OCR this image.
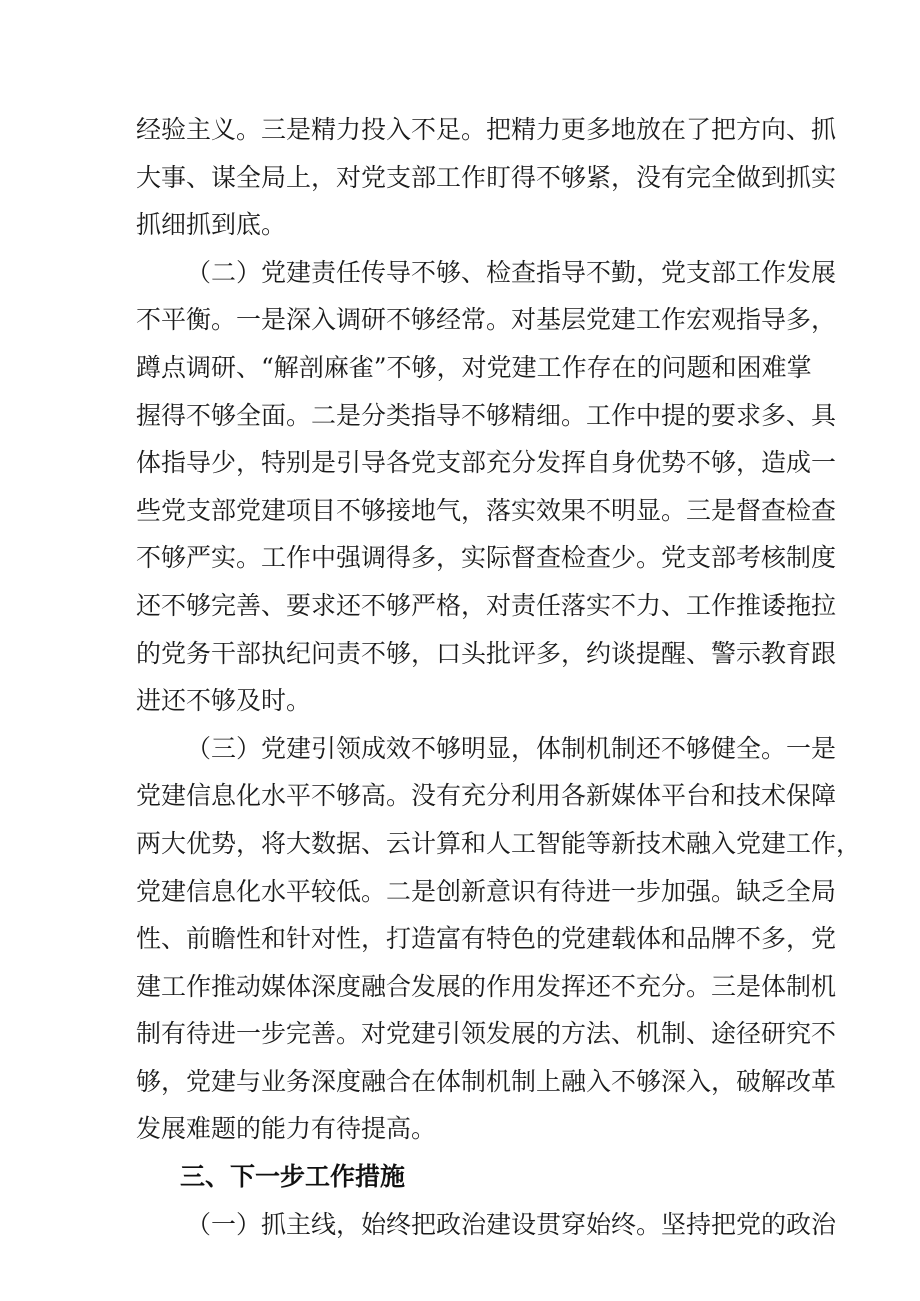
经验主义。三是精力投入不足。把精力更多地放在了把方向、抓
大事、谋全局上，对党支部工作盯得不够紧，没有完全做到抓实
抓细抓到底。
（二）党建责任传导不够、检查指导不勤，党支部工作发展
不平衡。一是深入调研不够经常。对基层党建工作宏观指导多，
蹲点调研、“解剖麻雀”不够，对党建工作存在的问题和困难掌
握得不够全面。二是分类指导不够精细。工作中提的要求多、具
体指导少，特别是引导各党支部充分发挥自身优势不够，造成一
些党支部党建项目不够接地气，落实效果不明显。三是督查检查
不够严实。工作中强调得多，实际督查检查少。党支部考核制度
还不够完善、要求还不够严格，对责任落实不力、工作推诿拖拉
的党务干部执纪问责不够，口头批评多，约谈提醒、警示教育跟
进还不够及时。
（三）党建引领成效不够明显，体制机制还不够健全。一是
党建信息化水平不够高。没有充分利用各新媒体平台和技术保障
两大优势，将大数据、云计算和人工智能等新技术融入党建工作，
党建信息化水平较低。二是创新意识有待进一步加强。缺乏全局
性、前瞻性和针对性，打造富有特色的党建载体和品牌不多，党
建工作推动媒体深度融合发展的作用发挥还不充分。三是体制机
制有待进一步完善。对党建引领发展的方法、机制、途径研究不
够，党建与业务深度融合在体制机制上融入不够深入，破解改革
发展难题的能力有待提高。
三、下一步工作措施
（一）抓主线，始终把政治建设贯穿始终。坚持把党的政治
